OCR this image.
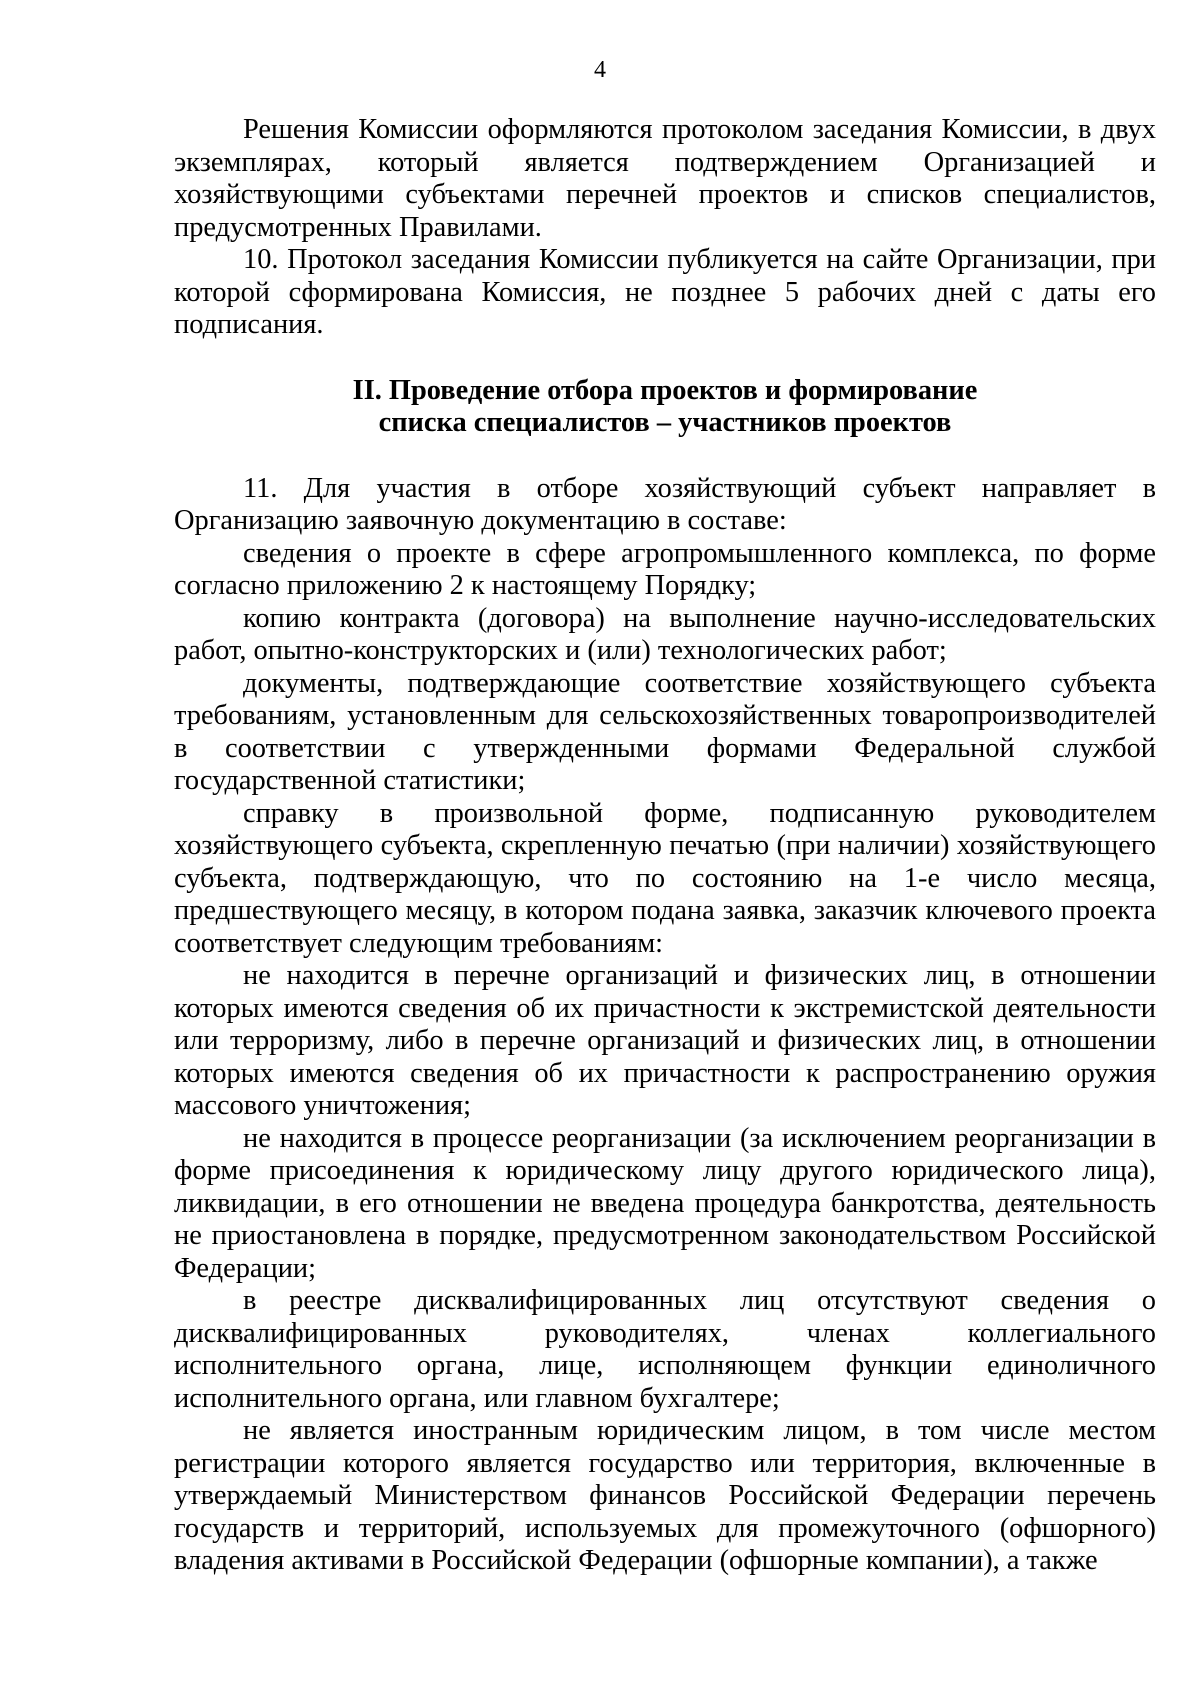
4

Решения Комиссии оформляются протоколом заседания Комиссии, в двух экземплярах, который является подтверждением Организацией и хозяйствующими субъектами перечней проектов и списков специалистов, предусмотренных Правилами.

10. Протокол заседания Комиссии публикуется на сайте Организации, при которой сформирована Комиссия, не позднее 5 рабочих дней с даты его подписания.

II. Проведение отбора проектов и формирование

списка специалистов – участников проектов

11. Для участия в отборе хозяйствующий субъект направляет в Организацию заявочную документацию в составе:

сведения о проекте в сфере агропромышленного комплекса, по форме согласно приложению 2 к настоящему Порядку;

копию контракта (договора) на выполнение научно-исследовательских работ, опытно-конструкторских и (или) технологических работ;

документы, подтверждающие соответствие хозяйствующего субъекта требованиям, установленным для сельскохозяйственных товаропроизводителей в соответствии с утвержденными формами Федеральной службой государственной статистики;

справку в произвольной форме, подписанную руководителем хозяйствующего субъекта, скрепленную печатью (при наличии) хозяйствующего субъекта, подтверждающую, что по состоянию на 1-е число месяца, предшествующего месяцу, в котором подана заявка, заказчик ключевого проекта соответствует следующим требованиям:

не находится в перечне организаций и физических лиц, в отношении которых имеются сведения об их причастности к экстремистской деятельности или терроризму, либо в перечне организаций и физических лиц, в отношении которых имеются сведения об их причастности к распространению оружия массового уничтожения;

не находится в процессе реорганизации (за исключением реорганизации в форме присоединения к юридическому лицу другого юридического лица), ликвидации, в его отношении не введена процедура банкротства, деятельность не приостановлена в порядке, предусмотренном законодательством Российской Федерации;

в реестре дисквалифицированных лиц отсутствуют сведения о дисквалифицированных руководителях, членах коллегиального исполнительного органа, лице, исполняющем функции единоличного исполнительного органа, или главном бухгалтере;

не является иностранным юридическим лицом, в том числе местом регистрации которого является государство или территория, включенные в утверждаемый Министерством финансов Российской Федерации перечень государств и территорий, используемых для промежуточного (офшорного) владения активами в Российской Федерации (офшорные компании), а также
